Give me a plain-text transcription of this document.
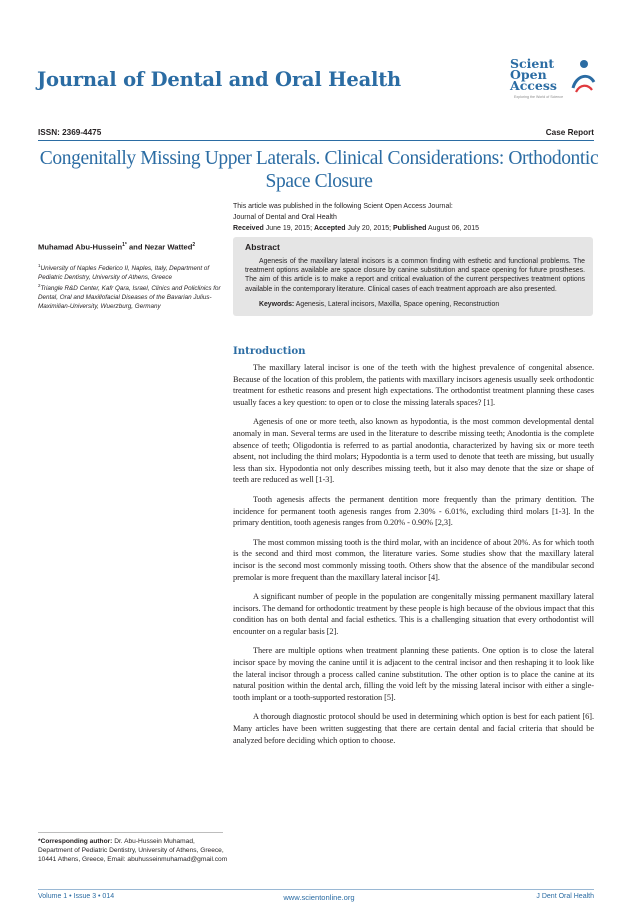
Journal of Dental and Oral Health
Scient
Open
Access
Exploring the World of Science
ISSN: 2369-4475	Case Report
Congenitally Missing Upper Laterals. Clinical Considerations: Orthodontic Space Closure
This article was published in the following Scient Open Access Journal:
Journal of Dental and Oral Health
Received June 19, 2015; Accepted July 20, 2015; Published August 06, 2015
Muhamad Abu-Hussein$^{1*}$ and Nezar Watted$^2$
$^1$University of Naples Federico II, Naples, Italy, Department of Pediatric Dentistry, University of Athens, Greece
$^2$Triangle R&D Center, Kafr Qara, Israel, Clinics and Policlinics for Dental, Oral and Maxillofacial Diseases of the Bavarian Julius-Maximilian-University, Wuerzburg, Germany
Abstract
Agenesis of the maxillary lateral incisors is a common finding with esthetic and functional problems. The treatment options available are space closure by canine substitution and space opening for future prostheses. The aim of this article is to make a report and critical evaluation of the current perspectives treatment options available in the contemporary literature. Clinical cases of each treatment approach are also presented.
Keywords: Agenesis, Lateral incisors, Maxilla, Space opening, Reconstruction
Introduction

The maxillary lateral incisor is one of the teeth with the highest prevalence of congenital absence. Because of the location of this problem, the patients with maxillary incisors agenesis usually seek orthodontic treatment for esthetic reasons and present high expectations. The orthodontist treatment planning these cases usually faces a key question: to open or to close the missing laterals spaces? [1].

Agenesis of one or more teeth, also known as hypodontia, is the most common developmental dental anomaly in man. Several terms are used in the literature to describe missing teeth; Anodontia is the complete absence of teeth; Oligodontia is referred to as partial anodontia, characterized by having six or more teeth absent, not including the third molars; Hypodontia is a term used to denote that teeth are missing, but usually less than six. Hypodontia not only describes missing teeth, but it also may denote that the size or shape of teeth are reduced as well [1-3].

Tooth agenesis affects the permanent dentition more frequently than the primary dentition. The incidence for permanent tooth agenesis ranges from 2.30% - 6.01%, excluding third molars [1-3]. In the primary dentition, tooth agenesis ranges from 0.20% - 0.90% [2,3].

The most common missing tooth is the third molar, with an incidence of about 20%. As for which tooth is the second and third most common, the literature varies. Some studies show that the maxillary lateral incisor is the second most commonly missing tooth. Others show that the absence of the mandibular second premolar is more frequent than the maxillary lateral incisor [4].

A significant number of people in the population are congenitally missing permanent maxillary lateral incisors. The demand for orthodontic treatment by these people is high because of the obvious impact that this condition has on both dental and facial esthetics. This is a challenging situation that every orthodontist will encounter on a regular basis [2].

There are multiple options when treatment planning these patients. One option is to close the lateral incisor space by moving the canine until it is adjacent to the central incisor and then reshaping it to look like the lateral incisor through a process called canine substitution. The other option is to place the canine at its natural position within the dental arch, filling the void left by the missing lateral incisor with either a single-tooth implant or a tooth-supported restoration [5].

A thorough diagnostic protocol should be used in determining which option is best for each patient [6]. Many articles have been written suggesting that there are certain dental and facial criteria that should be analyzed before deciding which option to choose.

*Corresponding author: Dr. Abu-Hussein Muhamad, Department of Pediatric Dentistry, University of Athens, Greece, 10441 Athens, Greece, Email: abuhusseinmuhamad@gmail.com
Volume 1 • Issue 3 • 014	www.scientonline.org	J Dent Oral Health
